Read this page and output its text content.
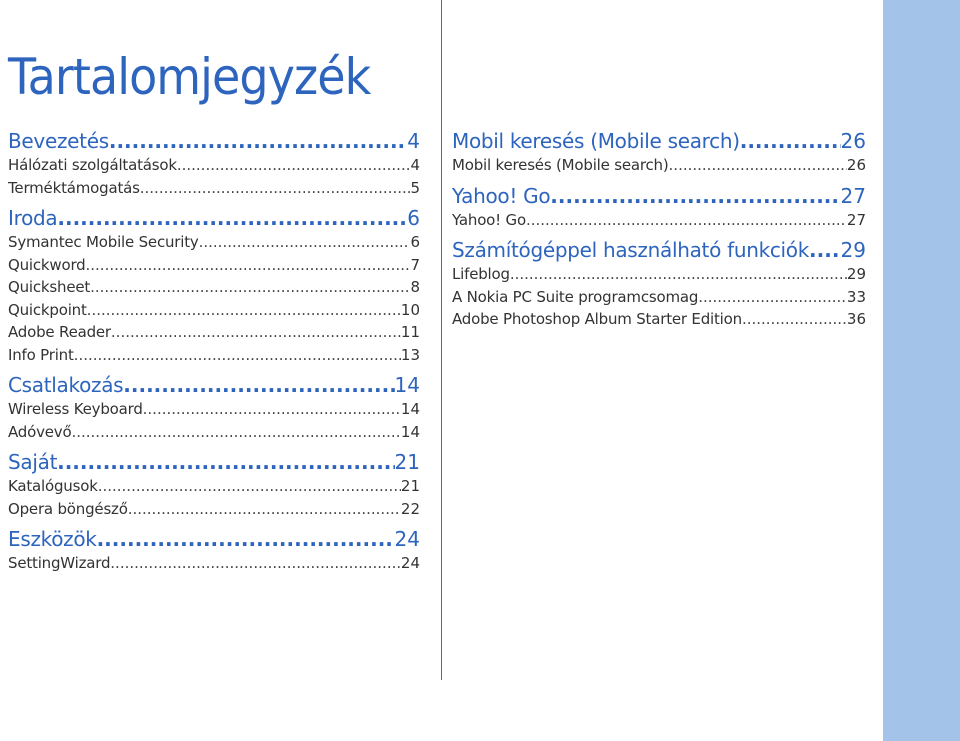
Tartalomjegyzék
Bevezetés .....	4
Hálózati szolgáltatások .....	4
Terméktámogatás .....	5
Iroda .....	6
Symantec Mobile Security .....	6
Quickword .....	7
Quicksheet .....	8
Quickpoint .....	10
Adobe Reader .....	11
Info Print .....	13
Csatlakozás .....	14
Wireless Keyboard .....	14
Adóvevő .....	14
Saját .....	21
Katalógusok .....	21
Opera böngésző .....	22
Eszközök .....	24
SettingWizard .....	24
Mobil keresés (Mobile search) .....	26
Mobil keresés (Mobile search) .....	26
Yahoo! Go .....	27
Yahoo! Go .....	27
Számítógéppel használható funkciók ..... 29
Lifeblog .....	29
A Nokia PC Suite programcsomag .....	33
Adobe Photoshop Album Starter Edition .....	36
